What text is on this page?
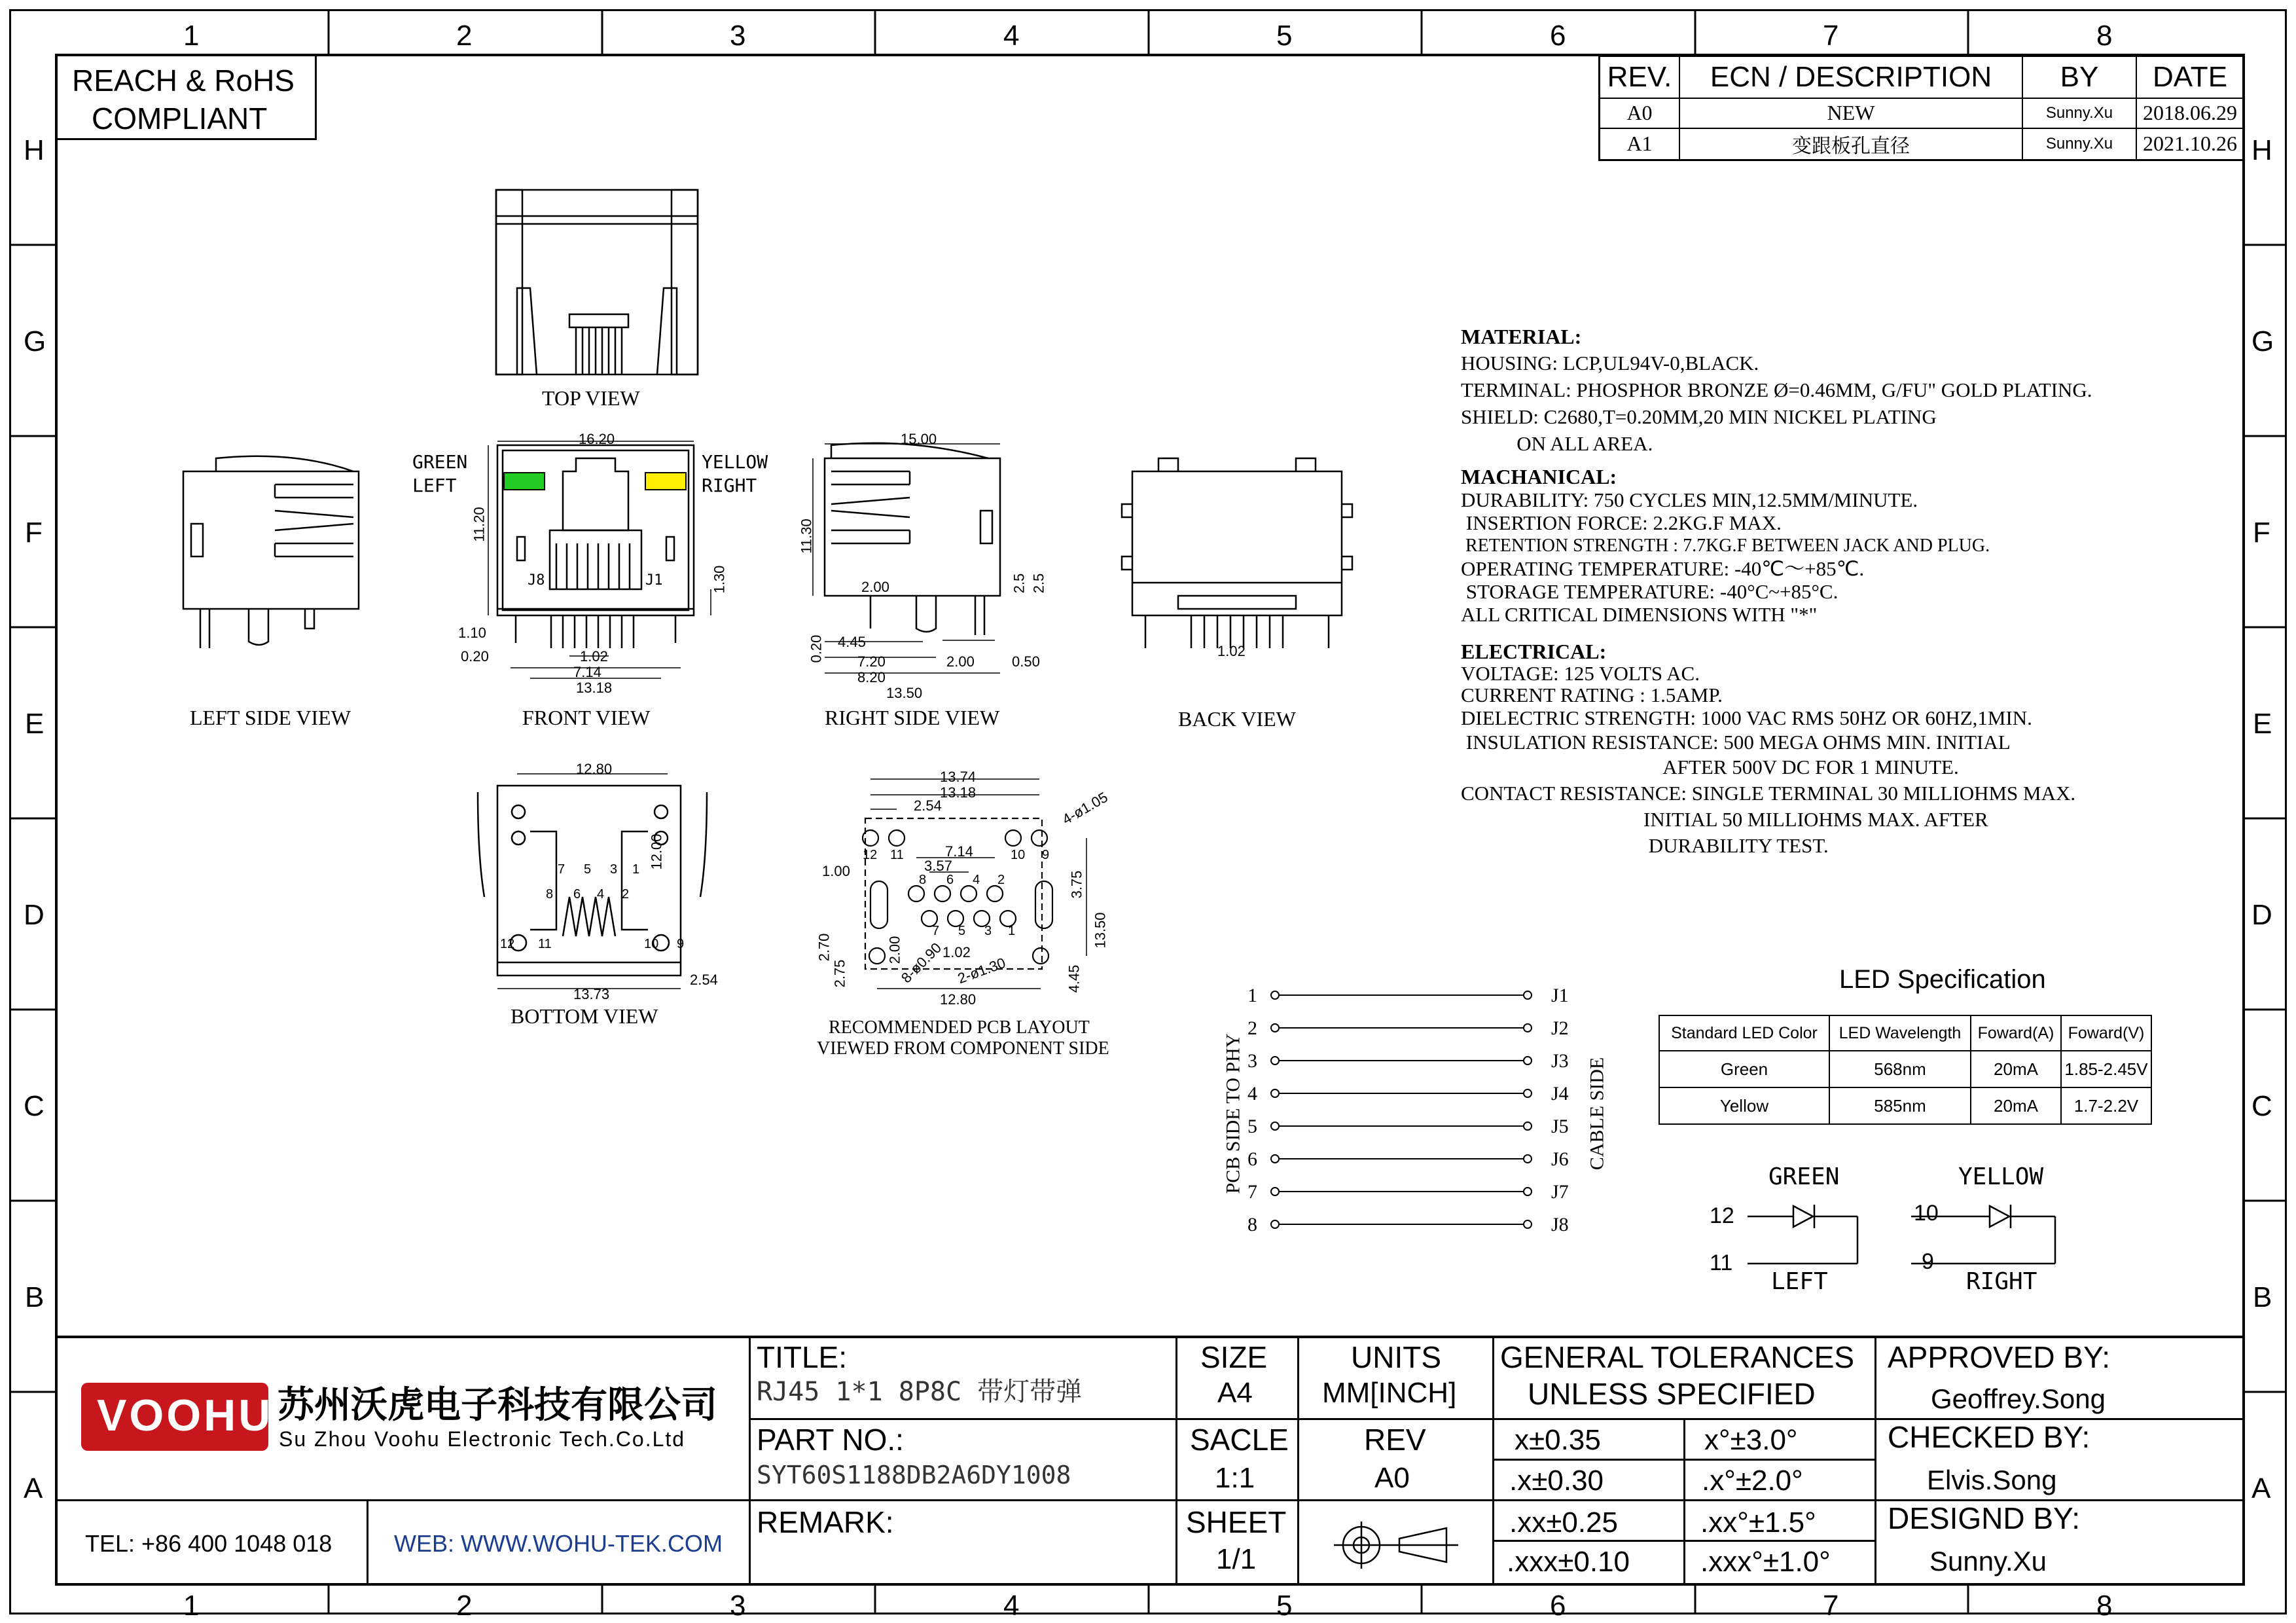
1	2	3	4	5	6	7	8
1	2	3	4	5	6	7	8
H
G
F
E
D
C
B
A
H
G
F
E
D
C
B
A
REACH & RoHS
COMPLIANT
REV.	ECN / DESCRIPTION	BY	DATE
A0	NEW	Sunny.Xu	2018.06.29
A1	变跟板孔直径	Sunny.Xu	2021.10.26
TOP VIEW
LEFT SIDE VIEW
GREEN
LEFT
YELLOW
RIGHT
J8	J1
16.20
11.20
1.30
1.10
0.20	1.02
7.14
13.18
FRONT VIEW
15.00
11.30
2.00
4.45
7.20
8.20
2.00	0.50
13.50
0.20
2.5 2.5
RIGHT SIDE VIEW
1.02
BACK VIEW
12.80
13.73
2.54
12.00
7 5 3 1
8 6 4 2
12 11	10 9
BOTTOM VIEW
13.74
13.18
2.54	4-ø1.05
7.14
3.57
1.00	3.75
13.50
2.00
2.70
2.75	8-ø0.90
1.02
2-ø1.30
12.80
4.45
12 11	10 9
8 6 4 2
7 5 3 1
RECOMMENDED PCB LAYOUT
VIEWED FROM COMPONENT SIDE
MATERIAL:
HOUSING: LCP,UL94V-0,BLACK.
TERMINAL: PHOSPHOR BRONZE Ø=0.46MM, G/FU" GOLD PLATING.
SHIELD: C2680,T=0.20MM,20 MIN NICKEL PLATING
ON ALL AREA.
MACHANICAL:
DURABILITY: 750 CYCLES MIN,12.5MM/MINUTE.
INSERTION FORCE: 2.2KG.F MAX.
RETENTION STRENGTH : 7.7KG.F BETWEEN JACK AND PLUG.
OPERATING TEMPERATURE: -40℃～+85℃.
STORAGE TEMPERATURE: -40°C~+85°C.
ALL CRITICAL DIMENSIONS WITH "*"
ELECTRICAL:
VOLTAGE: 125 VOLTS AC.
CURRENT RATING : 1.5AMP.
DIELECTRIC STRENGTH: 1000 VAC RMS 50HZ OR 60HZ,1MIN.
INSULATION RESISTANCE: 500 MEGA OHMS MIN. INITIAL
AFTER 500V DC FOR 1 MINUTE.
CONTACT RESISTANCE: SINGLE TERMINAL 30 MILLIOHMS MAX.
INITIAL 50 MILLIOHMS MAX. AFTER
DURABILITY TEST.
1
2
3
4
5
6
7
8
J1
J2
J3
J4
J5
J6
J7
J8
PCB SIDE TO PHY	CABLE SIDE
LED Specification
Standard LED Color	LED Wavelength	Foward(A)	Foward(V)
Green	568nm	20mA	1.85-2.45V
Yellow	585nm	20mA	1.7-2.2V
GREEN	YELLOW
12
11
10
9
LEFT	RIGHT
VOOHU 苏州沃虎电子科技有限公司
Su Zhou Voohu Electronic Tech.Co.Ltd
TEL: +86 400 1048 018	WEB: WWW.WOHU-TEK.COM
TITLE:
RJ45 1*1 8P8C 带灯带弹
PART NO.:
SYT60S1188DB2A6DY1008
REMARK:
SIZE
A4
SACLE
1:1
SHEET
1/1
UNITS
MM[INCH]
REV
A0
GENERAL TOLERANCES
UNLESS SPECIFIED
x±0.35	x°±3.0°
.x±0.30	.x°±2.0°
.xx±0.25	.xx°±1.5°
.xxx±0.10 .xxx°±1.0°
APPROVED BY:
Geoffrey.Song
CHECKED BY:
Elvis.Song
DESIGND BY:
Sunny.Xu
